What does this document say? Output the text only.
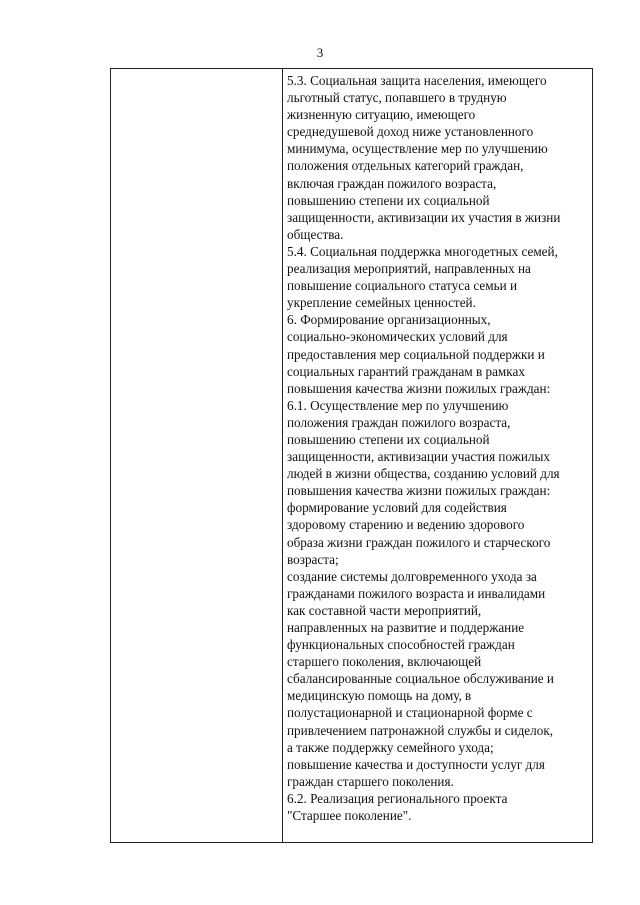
3
5.3. Социальная защита населения, имеющего
льготный статус, попавшего в трудную
жизненную ситуацию, имеющего
среднедушевой доход ниже установленного
минимума, осуществление мер по улучшению
положения отдельных категорий граждан,
включая граждан пожилого возраста,
повышению степени их социальной
защищенности, активизации их участия в жизни
общества.
5.4. Социальная поддержка многодетных семей,
реализация мероприятий, направленных на
повышение социального статуса семьи и
укрепление семейных ценностей.
6. Формирование организационных,
социально-экономических условий для
предоставления мер социальной поддержки и
социальных гарантий гражданам в рамках
повышения качества жизни пожилых граждан:
6.1. Осуществление мер по улучшению
положения граждан пожилого возраста,
повышению степени их социальной
защищенности, активизации участия пожилых
людей в жизни общества, созданию условий для
повышения качества жизни пожилых граждан:
формирование условий для содействия
здоровому старению и ведению здорового
образа жизни граждан пожилого и старческого
возраста;
создание системы долговременного ухода за
гражданами пожилого возраста и инвалидами
как составной части мероприятий,
направленных на развитие и поддержание
функциональных способностей граждан
старшего поколения, включающей
сбалансированные социальное обслуживание и
медицинскую помощь на дому, в
полустационарной и стационарной форме с
привлечением патронажной службы и сиделок,
а также поддержку семейного ухода;
повышение качества и доступности услуг для
граждан старшего поколения.
6.2. Реализация регионального проекта
"Старшее поколение".
